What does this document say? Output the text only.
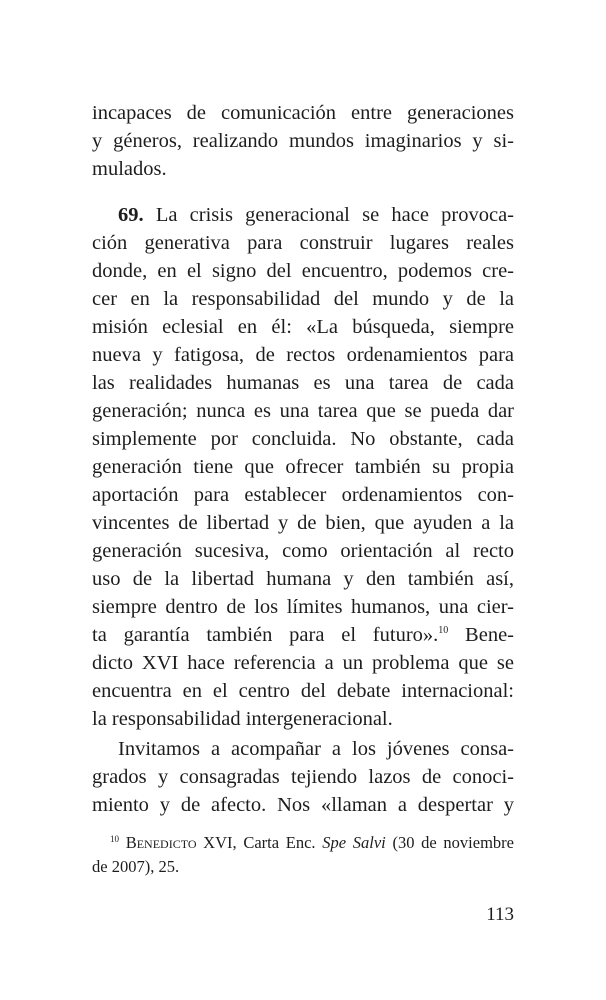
incapaces de comunicación entre generaciones
y géneros, realizando mundos imaginarios y si-
mulados.
69. La crisis generacional se hace provoca-
ción generativa para construir lugares reales
donde, en el signo del encuentro, podemos cre-
cer en la responsabilidad del mundo y de la
misión eclesial en él: «La búsqueda, siempre
nueva y fatigosa, de rectos ordenamientos para
las realidades humanas es una tarea de cada
generación; nunca es una tarea que se pueda dar
simplemente por concluida. No obstante, cada
generación tiene que ofrecer también su propia
aportación para establecer ordenamientos con-
vincentes de libertad y de bien, que ayuden a la
generación sucesiva, como orientación al recto
uso de la libertad humana y den también así,
siempre dentro de los límites humanos, una cier-
ta garantía también para el futuro».$^{10}$ Bene-
dicto XVI hace referencia a un problema que se
encuentra en el centro del debate internacional:
la responsabilidad intergeneracional.
Invitamos a acompañar a los jóvenes consa-
grados y consagradas tejiendo lazos de conoci-
miento y de afecto. Nos «llaman a despertar y
$^{10}$ Benedicto XVI, Carta Enc. Spe Salvi (30 de noviembre
de 2007), 25.
113
